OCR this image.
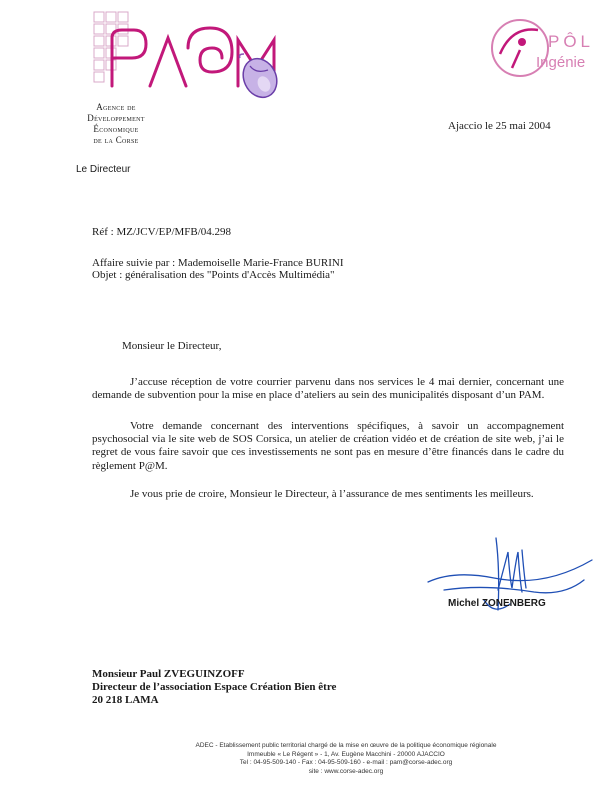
Agence de
Développement
Économique
de la Corse
Le Directeur
PÔL
Ingénie
Ajaccio le 25 mai 2004
Réf : MZ/JCV/EP/MFB/04.298
Affaire suivie par : Mademoiselle Marie-France BURINI
Objet : généralisation des "Points d'Accès Multimédia"
Monsieur le Directeur,
J’accuse réception de votre courrier parvenu dans nos services le 4 mai dernier, concernant une demande de subvention pour la mise en place d’ateliers au sein des municipalités disposant d’un PAM.
Votre demande concernant des interventions spécifiques, à savoir un accompagnement psychosocial via le site web de SOS Corsica, un atelier de création vidéo et de création de site web, j’ai le regret de vous faire savoir que ces investissements ne sont pas en mesure d’être financés dans le cadre du règlement P@M.
Je vous prie de croire, Monsieur le Directeur, à l’assurance de mes sentiments les meilleurs.
Michel ZONENBERG
Monsieur Paul ZVEGUINZOFF
Directeur de l’association Espace Création Bien être
20 218 LAMA
ADEC - Etablissement public territorial chargé de la mise en œuvre de la politique économique régionale
Immeuble « Le Régent » - 1, Av. Eugène Macchini - 20000 AJACCIO
Tel : 04-95-509-140 - Fax : 04-95-509-160 - e-mail : pam@corse-adec.org
site : www.corse-adec.org
